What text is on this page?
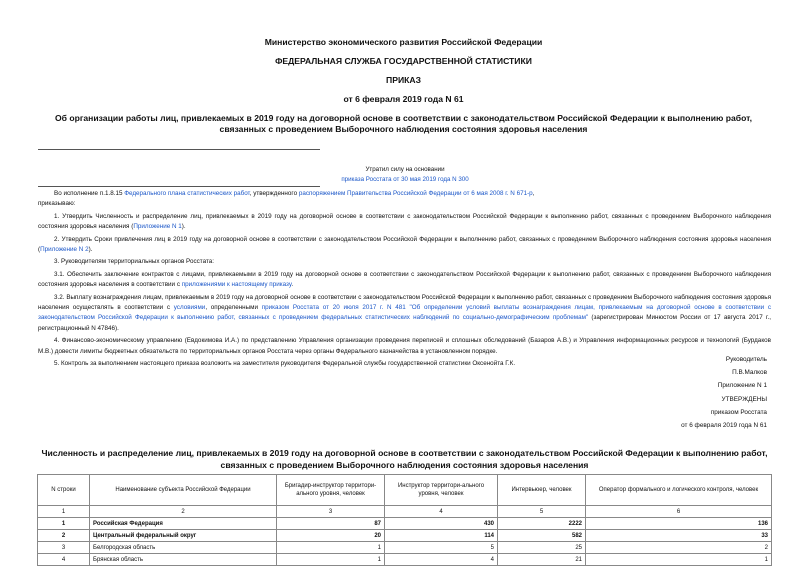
Министерство экономического развития Российской Федерации
ФЕДЕРАЛЬНАЯ СЛУЖБА ГОСУДАРСТВЕННОЙ СТАТИСТИКИ
ПРИКАЗ
от 6 февраля 2019 года N 61
Об организации работы лиц, привлекаемых в 2019 году на договорной основе в соответствии с законодательством Российской Федерации к выполнению работ, связанных с проведением Выборочного наблюдения состояния здоровья населения
Утратил силу на основании
приказа Росстата от 30 мая 2019 года N 300

Во исполнение п.1.8.15 Федерального плана статистических работ, утвержденного распоряжением Правительства Российской Федерации от 6 мая 2008 г. N 671-р,

приказываю:

1. Утвердить Численность и распределение лиц, привлекаемых в 2019 году на договорной основе в соответствии с законодательством Российской Федерации к выполнению работ, связанных с проведением Выборочного наблюдения состояния здоровья населения (Приложение N 1).

2. Утвердить Сроки привлечения лиц в 2019 году на договорной основе в соответствии с законодательством Российской Федерации к выполнению работ, связанных с проведением Выборочного наблюдения состояния здоровья населения (Приложение N 2).

3. Руководителям территориальных органов Росстата:

3.1. Обеспечить заключение контрактов с лицами, привлекаемыми в 2019 году на договорной основе в соответствии с законодательством Российской Федерации к выполнению работ, связанных с проведением Выборочного наблюдения состояния здоровья населения в соответствии с приложениями к настоящему приказу.

3.2. Выплату вознаграждения лицам, привлекаемым в 2019 году на договорной основе в соответствии с законодательством Российской Федерации к выполнению работ, связанных с проведением Выборочного наблюдения состояния здоровья населения осуществлять в соответствии с условиями, определенными приказом Росстата от 20 июля 2017 г. N 481 "Об определении условий выплаты вознаграждения лицам, привлекаемым на договорной основе в соответствии с законодательством Российской Федерации к выполнению работ, связанных с проведением федеральных статистических наблюдений по социально-демографическим проблемам" (зарегистрирован Минюстом России от 17 августа 2017 г., регистрационный N 47846).

4. Финансово-экономическому управлению (Евдокимова И.А.) по представлению Управления организации проведения переписей и сплошных обследований (Базаров А.В.) и Управления информационных ресурсов и технологий (Бурдаков М.В.) довести лимиты бюджетных обязательств по территориальных органов Росстата через органы Федерального казначейства в установленном порядке.

5. Контроль за выполнением настоящего приказа возложить на заместителя руководителя Федеральной службы государственной статистики Оксенойта Г.К.

Руководитель
П.В.Малков
Приложение N 1
УТВЕРЖДЕНЫ
приказом Росстата
от 6 февраля 2019 года N 61
Численность и распределение лиц, привлекаемых в 2019 году на договорной основе в соответствии с законодательством Российской Федерации к выполнению работ, связанных с проведением Выборочного наблюдения состояния здоровья населения
N строки	Наименование субъекта Российской Федерации	Бригадир-инструктор территори-ального уровня, человек	Инструктор территори-ального уровня, человек	Интервьюер, человек	Оператор формального и логического контроля, человек
1	2	3	4	5	6
1	Российская Федерация	87	430	2222	136
2	Центральный федеральный округ	20	114	582	33
3	Белгородская область	1	5	25	2
4	Брянская область	1	4	21	1
